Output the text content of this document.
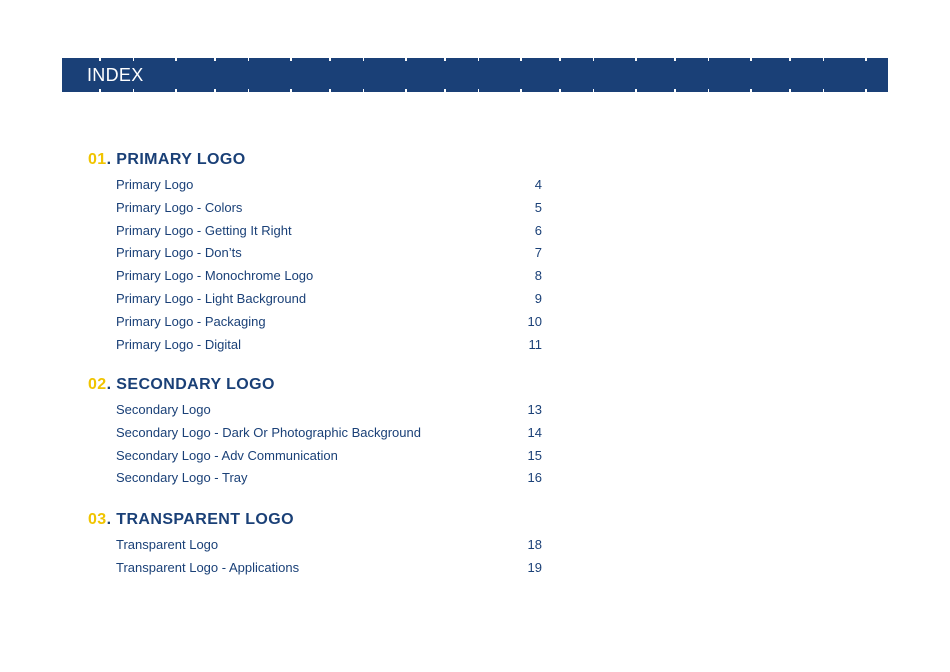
INDEX
01. PRIMARY LOGO
Primary Logo	4
Primary Logo - Colors	5
Primary Logo - Getting It Right	6
Primary Logo - Don’ts	7
Primary Logo - Monochrome Logo	8
Primary Logo - Light Background	9
Primary Logo - Packaging	10
Primary Logo - Digital	11
02. SECONDARY LOGO
Secondary Logo	13
Secondary Logo - Dark Or Photographic Background	14
Secondary Logo - Adv Communication	15
Secondary Logo - Tray	16
03. TRANSPARENT LOGO
Transparent Logo	18
Transparent Logo - Applications	19
